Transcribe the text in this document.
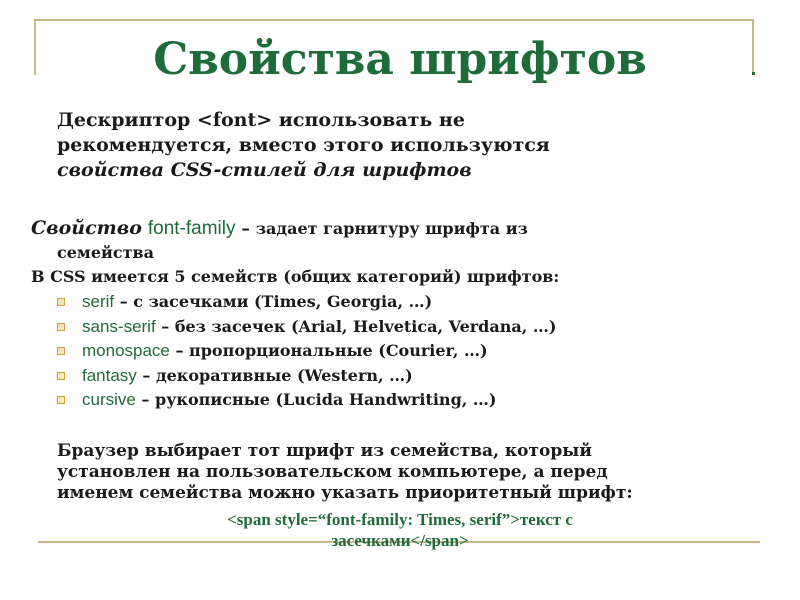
Свойства шрифтов
Дескриптор <font> использовать не
рекомендуется, вместо этого используются
свойства CSS-стилей для шрифтов
Свойство font-family – задает гарнитуру шрифта из
семейства
В CSS имеется 5 семейств (общих категорий) шрифтов:
serif – с засечками (Times, Georgia, …)
sans-serif – без засечек (Arial, Helvetica, Verdana, …)
monospace – пропорциональные (Courier, …)
fantasy – декоративные (Western, …)
cursive – рукописные (Lucida Handwriting, …)
Браузер выбирает тот шрифт из семейства, который
установлен на пользовательском компьютере, а перед
именем семейства можно указать приоритетный шрифт:
<span style=“font-family: Times, serif”>текст с
засечками</span>
